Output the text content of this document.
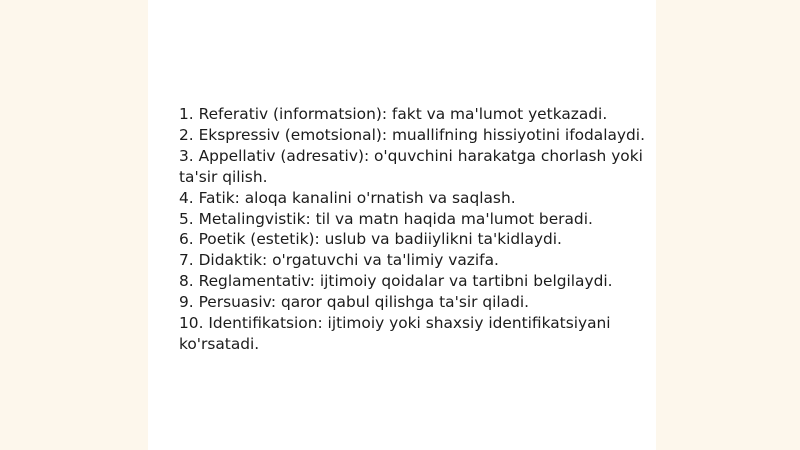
1. Referativ (informatsion): fakt va ma'lumot yetkazadi.
2. Ekspressiv (emotsional): muallifning hissiyotini ifodalaydi.
3. Appellativ (adresativ): o'quvchini harakatga chorlash yoki ta'sir qilish.
4. Fatik: aloqa kanalini o'rnatish va saqlash.
5. Metalingvistik: til va matn haqida ma'lumot beradi.
6. Poetik (estetik): uslub va badiiylikni ta'kidlaydi.
7. Didaktik: o'rgatuvchi va ta'limiy vazifa.
8. Reglamentativ: ijtimoiy qoidalar va tartibni belgilaydi.
9. Persuasiv: qaror qabul qilishga ta'sir qiladi.
10. Identifikatsion: ijtimoiy yoki shaxsiy identifikatsiyani ko'rsatadi.
